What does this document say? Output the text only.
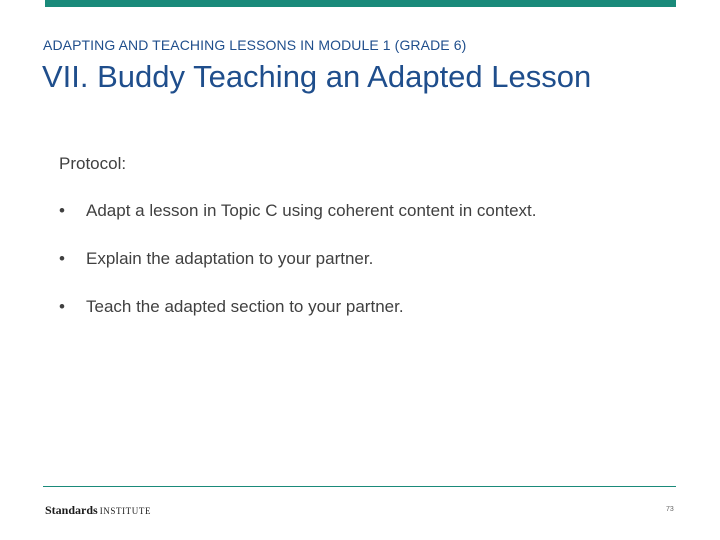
ADAPTING AND TEACHING LESSONS IN MODULE 1 (GRADE 6)
VII. Buddy Teaching an Adapted Lesson
Protocol:
•	Adapt a lesson in Topic C using coherent content in context.
•	Explain the adaptation to your partner.
•	Teach the adapted section to your partner.
Standards INSTITUTE	73
